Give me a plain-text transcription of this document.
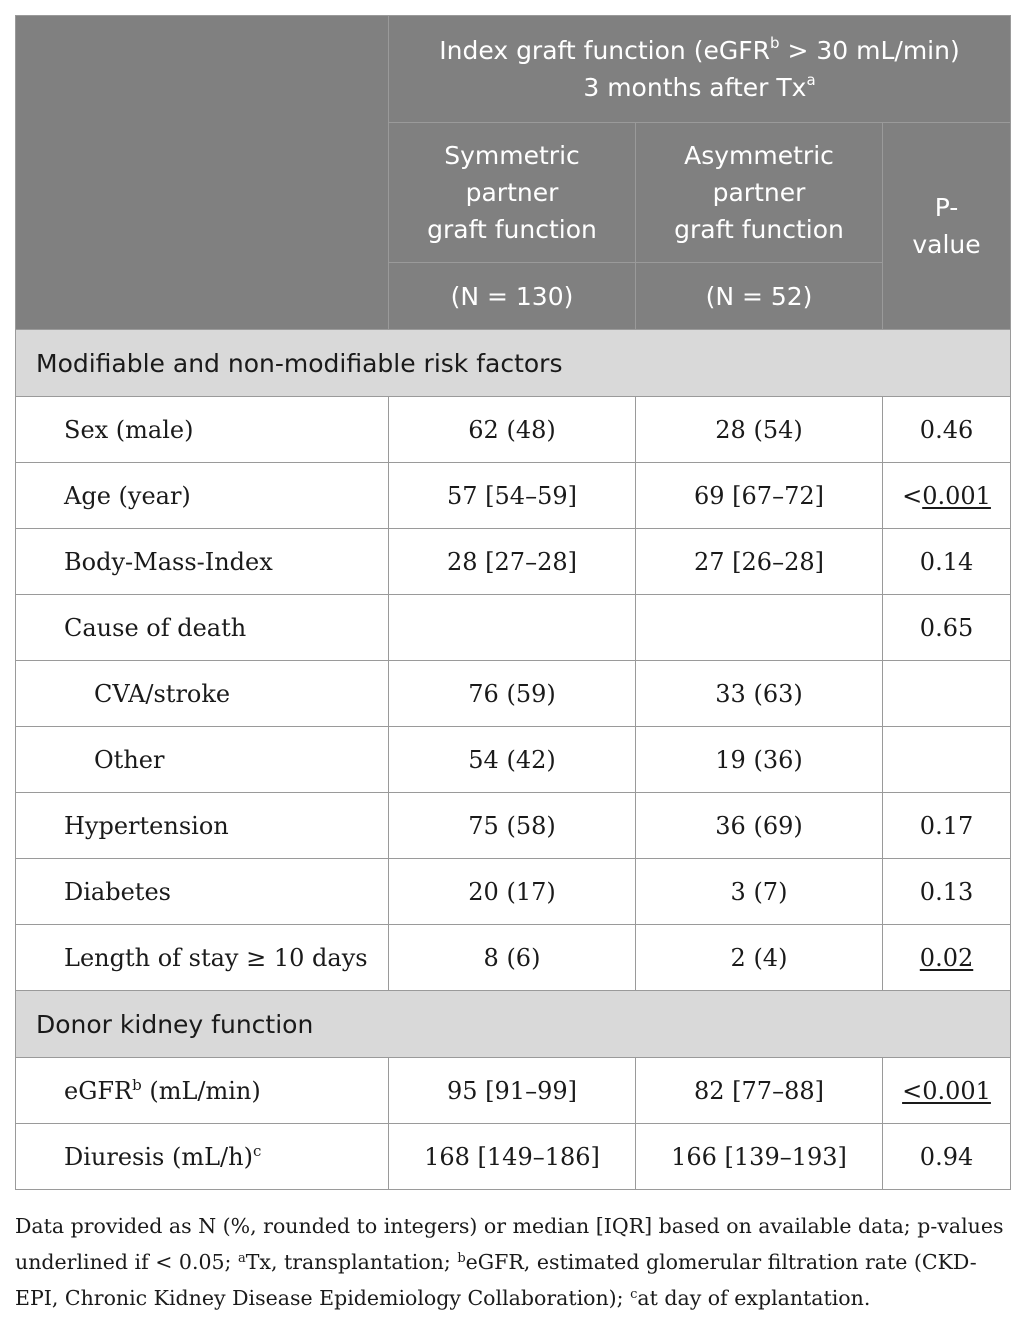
	Index graft function (eGFR$^b$ > 30 mL/min)
3 months after Tx$^a$
	Symmetric
partner
graft function	Asymmetric
partner
graft function	P-
value
	(N = 130)	(N = 52)	
Modifiable and non-modifiable risk factors			
Sex (male)	62 (48)	28 (54)	0.46
Age (year)	57 [54–59]	69 [67–72]	<0.001
Body-Mass-Index	28 [27–28]	27 [26–28]	0.14
Cause of death			0.65
CVA/stroke	76 (59)	33 (63)	
Other	54 (42)	19 (36)	
Hypertension	75 (58)	36 (69)	0.17
Diabetes	20 (17)	3 (7)	0.13
Length of stay ≥ 10 days	8 (6)	2 (4)	0.02
Donor kidney function			
eGFR$^b$ (mL/min)	95 [91–99]	82 [77–88]	<0.001
Diuresis $(mL/h)^c$	168 [149–186]	166 [139–193]	0.94
Data provided as N (%, rounded to integers) or median [IQR] based on available data; p-values underlined if < 0.05; $^a$Tx, transplantation; $^b$eGFR, estimated glomerular filtration rate (CKD-EPI, Chronic Kidney Disease Epidemiology Collaboration); $^c$at day of explantation.
